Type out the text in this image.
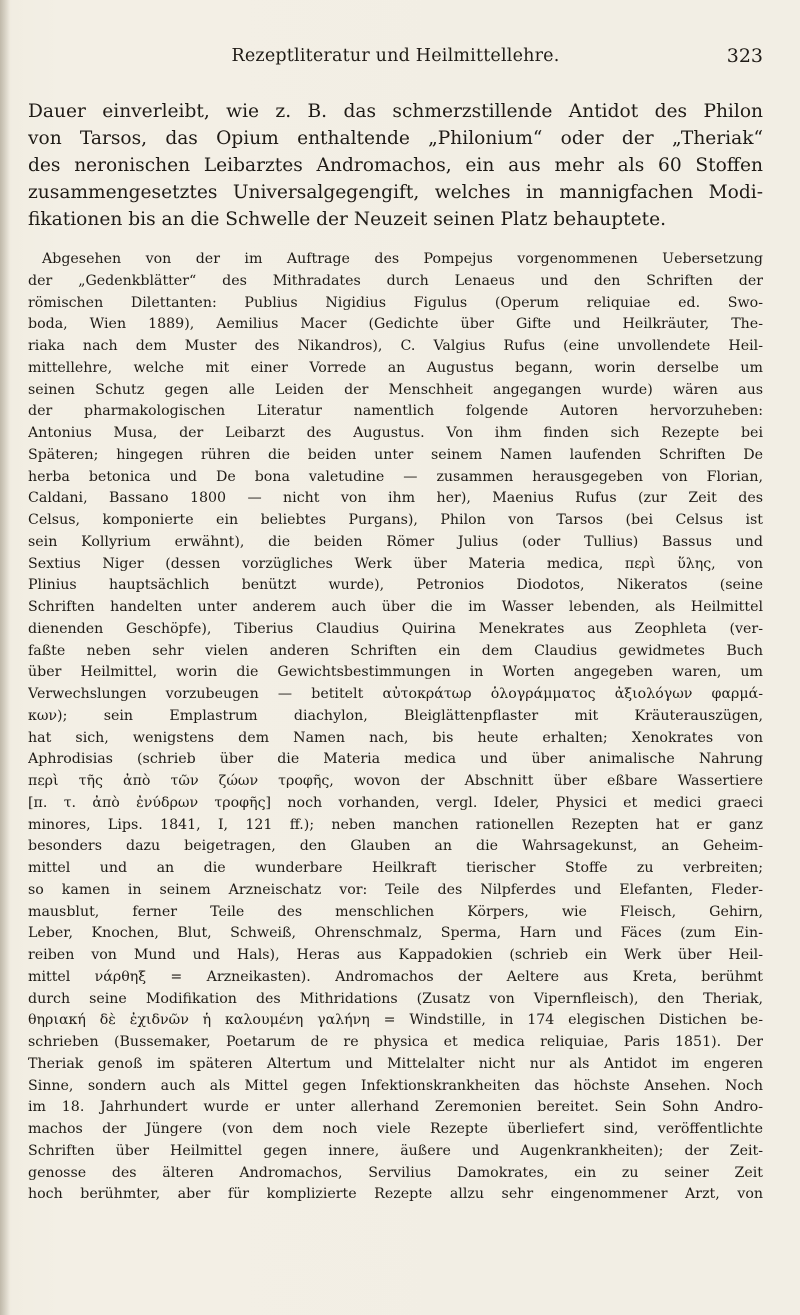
Rezeptliteratur und Heilmittellehre.	323
Dauer einverleibt, wie z. B. das schmerzstillende Antidot des Philon
von Tarsos, das Opium enthaltende „Philonium“ oder der „Theriak“
des neronischen Leibarztes Andromachos, ein aus mehr als 60 Stoffen
zusammengesetztes Universalgegengift, welches in mannigfachen Modi-
fikationen bis an die Schwelle der Neuzeit seinen Platz behauptete.
Abgesehen von der im Auftrage des Pompejus vorgenommenen Uebersetzung
der „Gedenkblätter“ des Mithradates durch Lenaeus und den Schriften der
römischen Dilettanten: Publius Nigidius Figulus (Operum reliquiae ed. Swo-
boda, Wien 1889), Aemilius Macer (Gedichte über Gifte und Heilkräuter, The-
riaka nach dem Muster des Nikandros), C. Valgius Rufus (eine unvollendete Heil-
mittellehre, welche mit einer Vorrede an Augustus begann, worin derselbe um
seinen Schutz gegen alle Leiden der Menschheit angegangen wurde) wären aus
der pharmakologischen Literatur namentlich folgende Autoren hervorzuheben:
Antonius Musa, der Leibarzt des Augustus. Von ihm finden sich Rezepte bei
Späteren; hingegen rühren die beiden unter seinem Namen laufenden Schriften De
herba betonica und De bona valetudine — zusammen herausgegeben von Florian,
Caldani, Bassano 1800 — nicht von ihm her), Maenius Rufus (zur Zeit des
Celsus, komponierte ein beliebtes Purgans), Philon von Tarsos (bei Celsus ist
sein Kollyrium erwähnt), die beiden Römer Julius (oder Tullius) Bassus und
Sextius Niger (dessen vorzügliches Werk über Materia medica, περὶ ὕλης, von
Plinius hauptsächlich benützt wurde), Petronios Diodotos, Nikeratos (seine
Schriften handelten unter anderem auch über die im Wasser lebenden, als Heilmittel
dienenden Geschöpfe), Tiberius Claudius Quirina Menekrates aus Zeophleta (ver-
faßte neben sehr vielen anderen Schriften ein dem Claudius gewidmetes Buch
über Heilmittel, worin die Gewichtsbestimmungen in Worten angegeben waren, um
Verwechslungen vorzubeugen — betitelt αὐτοκράτωρ ὁλογράμματος ἀξιολόγων φαρμά-
κων); sein Emplastrum diachylon, Bleiglättenpflaster mit Kräuterauszügen,
hat sich, wenigstens dem Namen nach, bis heute erhalten; Xenokrates von
Aphrodisias (schrieb über die Materia medica und über animalische Nahrung
περὶ τῆς ἀπὸ τῶν ζώων τροφῆς, wovon der Abschnitt über eßbare Wassertiere
[π. τ. ἀπὸ ἐνύδρων τροφῆς] noch vorhanden, vergl. Ideler, Physici et medici graeci
minores, Lips. 1841, I, 121 ff.); neben manchen rationellen Rezepten hat er ganz
besonders dazu beigetragen, den Glauben an die Wahrsagekunst, an Geheim-
mittel und an die wunderbare Heilkraft tierischer Stoffe zu verbreiten;
so kamen in seinem Arzneischatz vor: Teile des Nilpferdes und Elefanten, Fleder-
mausblut, ferner Teile des menschlichen Körpers, wie Fleisch, Gehirn,
Leber, Knochen, Blut, Schweiß, Ohrenschmalz, Sperma, Harn und Fäces (zum Ein-
reiben von Mund und Hals), Heras aus Kappadokien (schrieb ein Werk über Heil-
mittel νάρθηξ = Arzneikasten). Andromachos der Aeltere aus Kreta, berühmt
durch seine Modifikation des Mithridations (Zusatz von Vipernfleisch), den Theriak,
θηριακή δὲ ἐχιδνῶν ἡ καλουμένη γαλήνη = Windstille, in 174 elegischen Distichen be-
schrieben (Bussemaker, Poetarum de re physica et medica reliquiae, Paris 1851). Der
Theriak genoß im späteren Altertum und Mittelalter nicht nur als Antidot im engeren
Sinne, sondern auch als Mittel gegen Infektionskrankheiten das höchste Ansehen. Noch
im 18. Jahrhundert wurde er unter allerhand Zeremonien bereitet. Sein Sohn Andro-
machos der Jüngere (von dem noch viele Rezepte überliefert sind, veröffentlichte
Schriften über Heilmittel gegen innere, äußere und Augenkrankheiten); der Zeit-
genosse des älteren Andromachos, Servilius Damokrates, ein zu seiner Zeit
hoch berühmter, aber für kompliziertе Rezepte allzu sehr eingenommener Arzt, von
